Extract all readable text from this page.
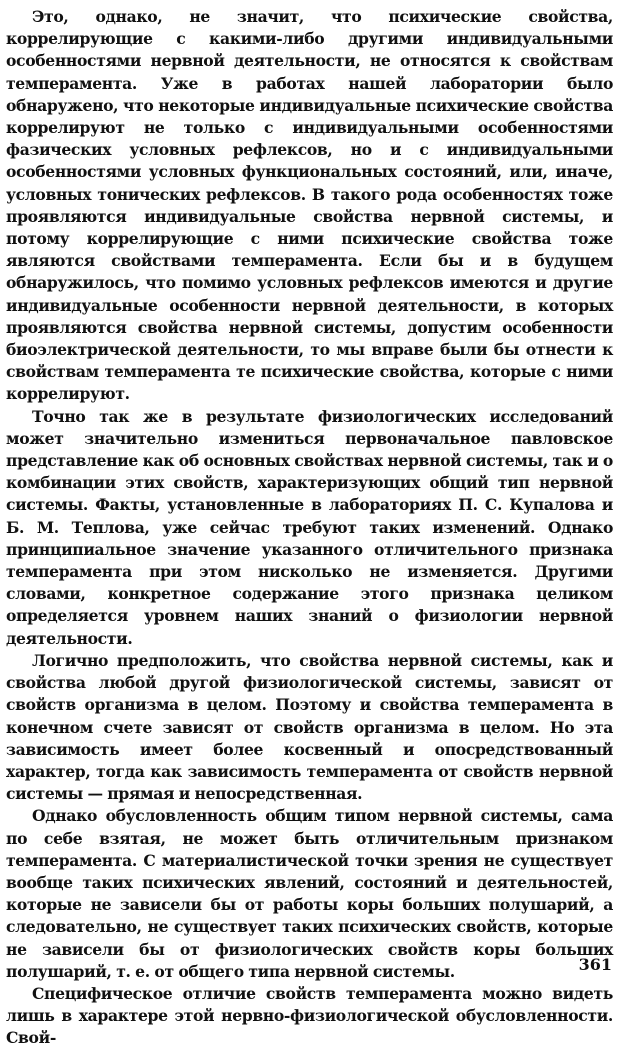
Это, однако, не значит, что психические свойства, коррелирующие с какими-либо другими индивидуальными особенностями нервной деятельности, не относятся к свойствам темперамента. Уже в работах нашей лаборатории было обнаружено, что некоторые индивидуальные психические свойства коррелируют не только с индивидуальными особенностями фазических условных рефлексов, но и с индивидуальными особенностями условных функциональных состояний, или, иначе, условных тонических рефлексов. В такого рода особенностях тоже проявляются индивидуальные свойства нервной системы, и потому коррелирующие с ними психические свойства тоже являются свойствами темперамента. Если бы и в будущем обнаружилось, что помимо условных рефлексов имеются и другие индивидуальные особенности нервной деятельности, в которых проявляются свойства нервной системы, допустим особенности биоэлектрической деятельности, то мы вправе были бы отнести к свойствам темперамента те психические свойства, которые с ними коррелируют.

Точно так же в результате физиологических исследований может значительно измениться первоначальное павловское представление как об основных свойствах нервной системы, так и о комбинации этих свойств, характеризующих общий тип нервной системы. Факты, установленные в лабораториях П. С. Купалова и Б. М. Теплова, уже сейчас требуют таких изменений. Однако принципиальное значение указанного отличительного признака темперамента при этом нисколько не изменяется. Другими словами, конкретное содержание этого признака целиком определяется уровнем наших знаний о физиологии нервной деятельности.

Логично предположить, что свойства нервной системы, как и свойства любой другой физиологической системы, зависят от свойств организма в целом. Поэтому и свойства темперамента в конечном счете зависят от свойств организма в целом. Но эта зависимость имеет более косвенный и опосредствованный характер, тогда как зависимость темперамента от свойств нервной системы — прямая и непосредственная.

Однако обусловленность общим типом нервной системы, сама по себе взятая, не может быть отличительным признаком темперамента. С материалистической точки зрения не существует вообще таких психических явлений, состояний и деятельностей, которые не зависели бы от работы коры больших полушарий, а следовательно, не существует таких психических свойств, которые не зависели бы от физиологических свойств коры больших полушарий, т. е. от общего типа нервной системы.

Специфическое отличие свойств темперамента можно видеть лишь в характере этой нервно-физиологической обусловленности. Свой-

361
